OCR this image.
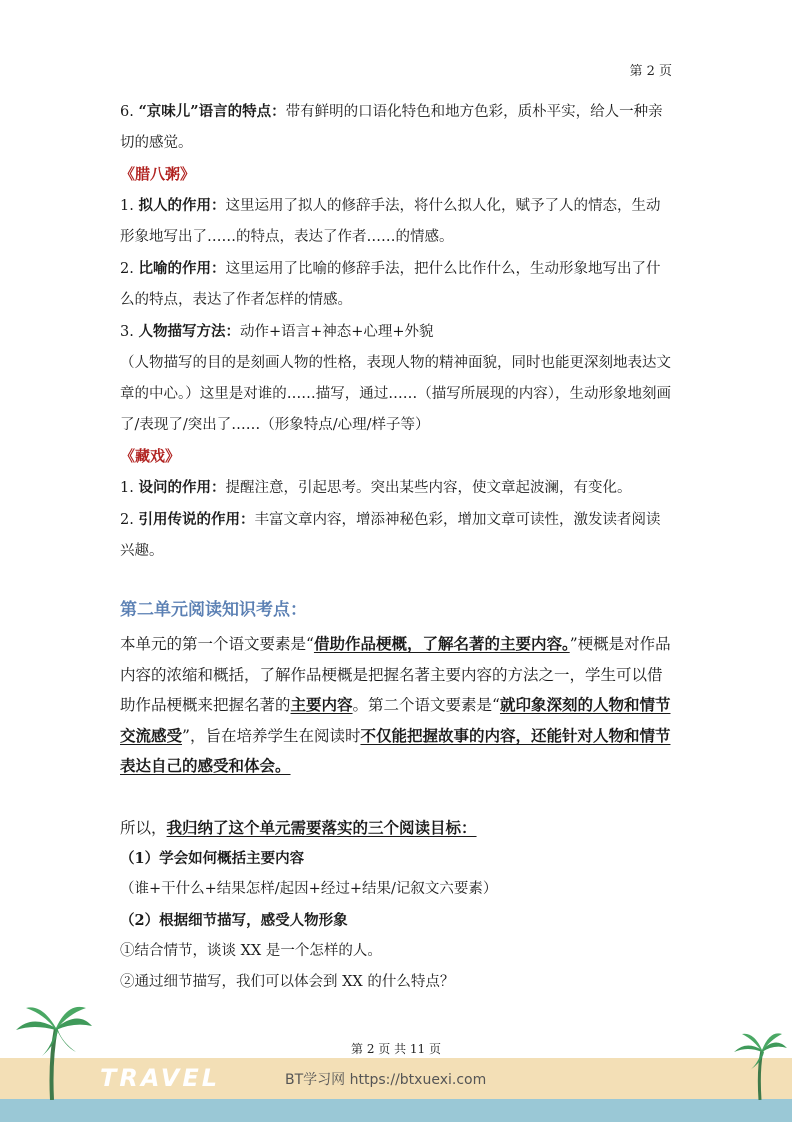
第 2 页

6. “京味儿”语言的特点：带有鲜明的口语化特色和地方色彩，质朴平实，给人一种亲切的感觉。

《腊八粥》

1. 拟人的作用：这里运用了拟人的修辞手法，将什么拟人化，赋予了人的情态，生动形象地写出了……的特点，表达了作者……的情感。

2. 比喻的作用：这里运用了比喻的修辞手法，把什么比作什么，生动形象地写出了什么的特点，表达了作者怎样的情感。

3. 人物描写方法：动作+语言+神态+心理+外貌

（人物描写的目的是刻画人物的性格，表现人物的精神面貌，同时也能更深刻地表达文章的中心。）这里是对谁的……描写，通过……（描写所展现的内容），生动形象地刻画了/表现了/突出了……（形象特点/心理/样子等）

《藏戏》

1. 设问的作用：提醒注意，引起思考。突出某些内容，使文章起波澜，有变化。

2. 引用传说的作用：丰富文章内容，增添神秘色彩，增加文章可读性，激发读者阅读兴趣。

第二单元阅读知识考点：

本单元的第一个语文要素是“借助作品梗概，了解名著的主要内容。”梗概是对作品内容的浓缩和概括，了解作品梗概是把握名著主要内容的方法之一，学生可以借助作品梗概来把握名著的主要内容。第二个语文要素是“就印象深刻的人物和情节交流感受”，旨在培养学生在阅读时不仅能把握故事的内容，还能针对人物和情节表达自己的感受和体会。

所以，我归纳了这个单元需要落实的三个阅读目标：

（1）学会如何概括主要内容

（谁+干什么+结果怎样/起因+经过+结果/记叙文六要素）

（2）根据细节描写，感受人物形象

①结合情节，谈谈 XX 是一个怎样的人。

②通过细节描写，我们可以体会到 XX 的什么特点？

第 2 页 共 11 页
TRAVEL	BT学习网 https://btxuexi.com
